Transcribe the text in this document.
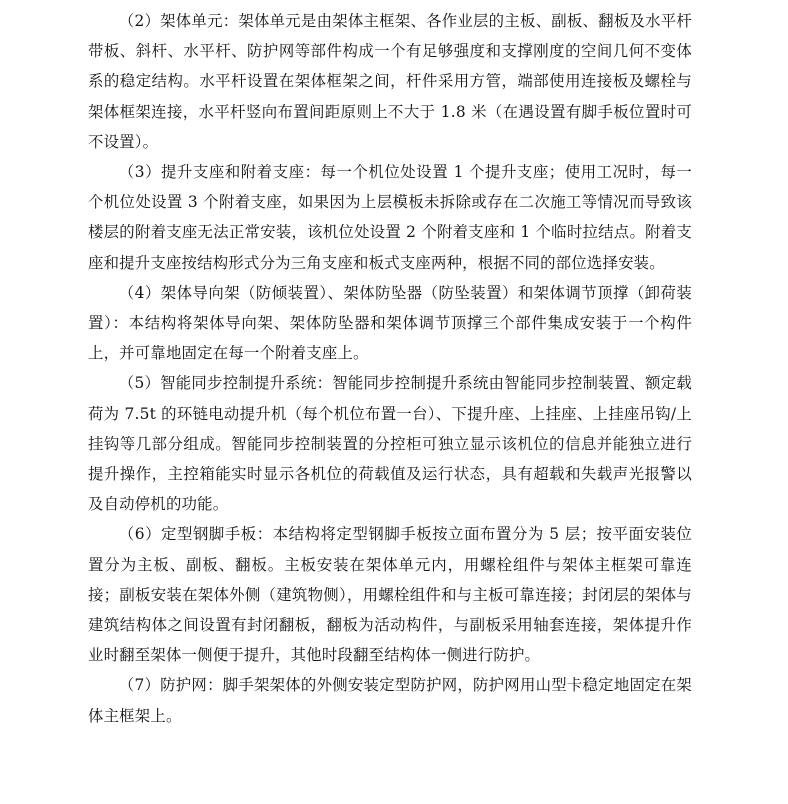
（2）架体单元：架体单元是由架体主框架、各作业层的主板、副板、翻板及水平杆带板、斜杆、水平杆、防护网等部件构成一个有足够强度和支撑刚度的空间几何不变体系的稳定结构。水平杆设置在架体框架之间，杆件采用方管，端部使用连接板及螺栓与架体框架连接，水平杆竖向布置间距原则上不大于 1.8 米（在遇设置有脚手板位置时可不设置）。

（3）提升支座和附着支座：每一个机位处设置 1 个提升支座；使用工况时，每一个机位处设置 3 个附着支座，如果因为上层模板未拆除或存在二次施工等情况而导致该楼层的附着支座无法正常安装，该机位处设置 2 个附着支座和 1 个临时拉结点。附着支座和提升支座按结构形式分为三角支座和板式支座两种，根据不同的部位选择安装。

（4）架体导向架（防倾装置）、架体防坠器（防坠装置）和架体调节顶撑（卸荷装置）：本结构将架体导向架、架体防坠器和架体调节顶撑三个部件集成安装于一个构件上，并可靠地固定在每一个附着支座上。

（5）智能同步控制提升系统：智能同步控制提升系统由智能同步控制装置、额定载荷为 7.5t 的环链电动提升机（每个机位布置一台）、下提升座、上挂座、上挂座吊钩/上挂钩等几部分组成。智能同步控制装置的分控柜可独立显示该机位的信息并能独立进行提升操作，主控箱能实时显示各机位的荷载值及运行状态，具有超载和失载声光报警以及自动停机的功能。

（6）定型钢脚手板：本结构将定型钢脚手板按立面布置分为 5 层；按平面安装位置分为主板、副板、翻板。主板安装在架体单元内，用螺栓组件与架体主框架可靠连接；副板安装在架体外侧（建筑物侧），用螺栓组件和与主板可靠连接；封闭层的架体与建筑结构体之间设置有封闭翻板，翻板为活动构件，与副板采用轴套连接，架体提升作业时翻至架体一侧便于提升，其他时段翻至结构体一侧进行防护。

（7）防护网：脚手架架体的外侧安装定型防护网，防护网用山型卡稳定地固定在架体主框架上。
